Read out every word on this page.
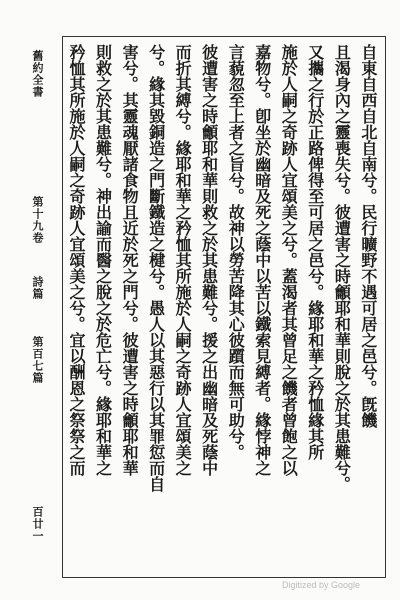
舊約全書
第十九卷
詩篇
第百七篇
百廿一
自東自西自北自南兮。民行曠野不遇可居之邑兮。旣饑
且渴身內之靈喪失兮。彼遭害之時龥耶和華則脫之於其患難兮。
又攜之行於正路俾得至可居之邑兮。緣耶和華之矜恤緣其所
施於人嗣之奇跡人宜頌美之兮。蓋渴者其曾足之饑者曾飽之以
嘉物兮。卽坐於幽暗及死之蔭中以苦以鐵索見縛者。緣悖神之
言藐忽至上者之旨兮。故神以勞苦降其心彼躓而無可助兮。
彼遭害之時龥耶和華則救之於其患難兮。援之出幽暗及死蔭中
而折其縛兮。緣耶和華之矜恤其所施於人嗣之奇跡人宜頌美之
兮。緣其毀銅造之門斷鐵造之楗兮。愚人以其惡行以其罪愆而自
害兮。其靈魂厭諸食物且近於死之門兮。彼遭害之時龥耶和華
則救之於其患難兮。神出諭而醫之脫之於危亡兮。緣耶和華之
矜恤其所施於人嗣之奇跡人宜頌美之兮。宜以酬恩之祭祭之而
Digitized by Google
